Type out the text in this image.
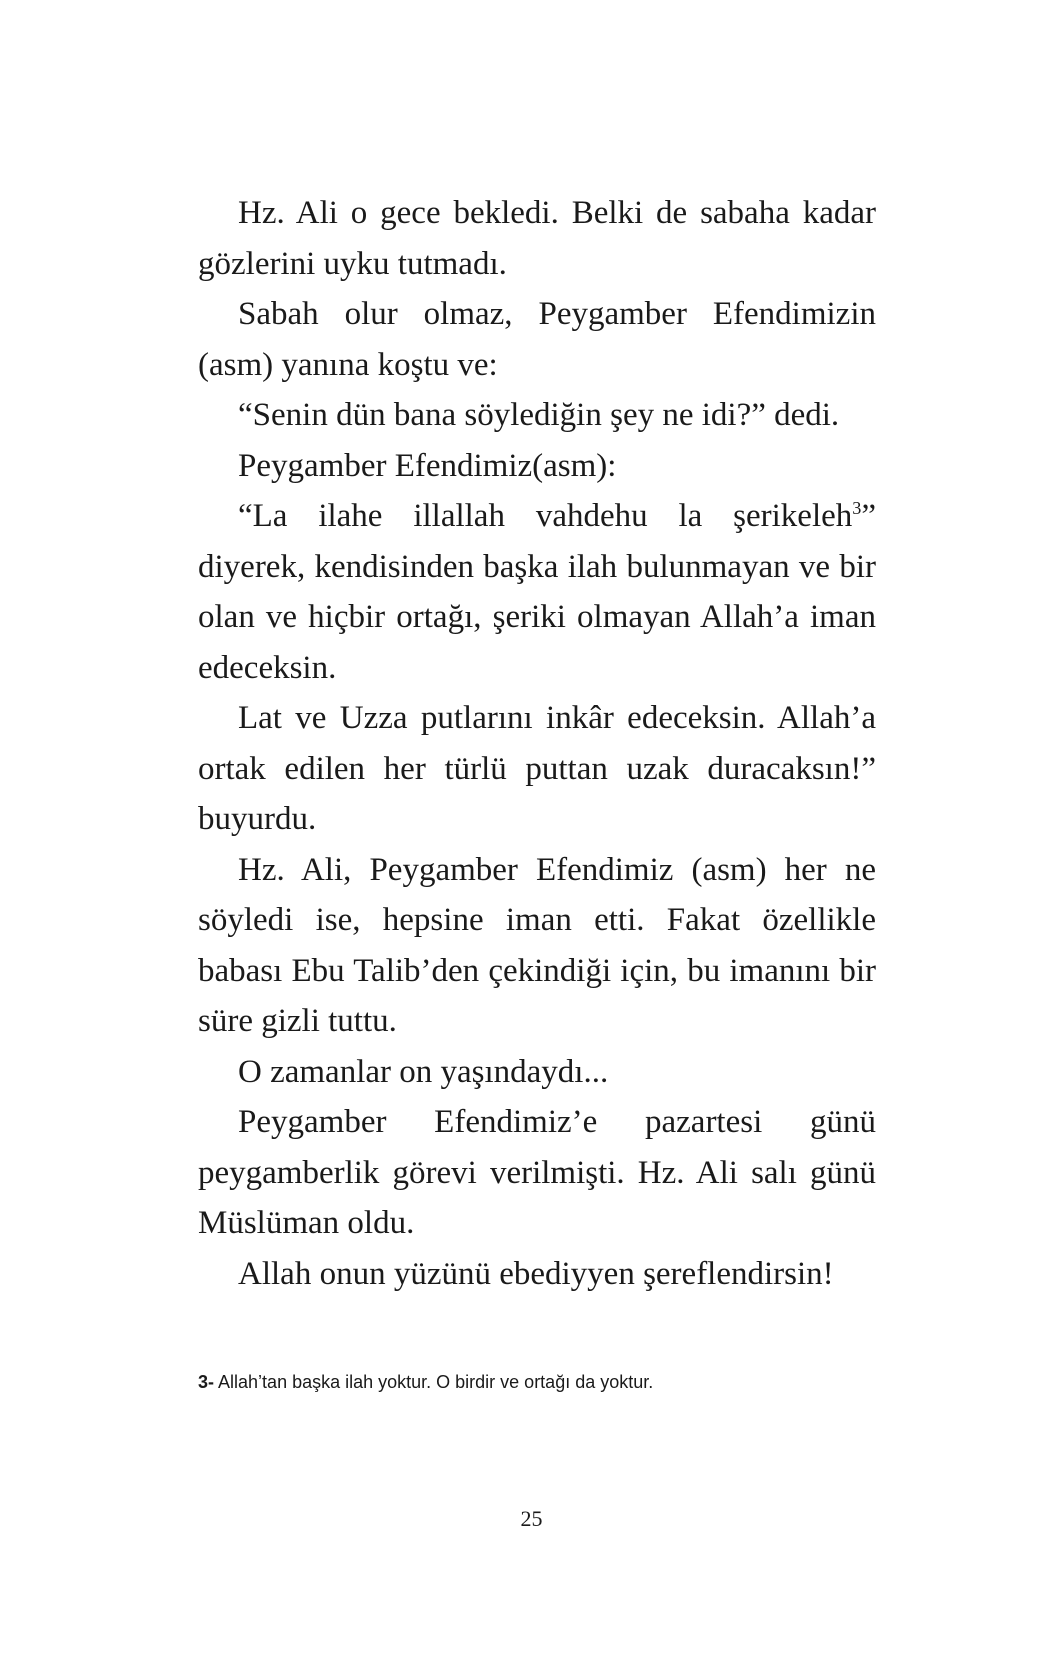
Hz. Ali o gece bekledi. Belki de sabaha kadar gözlerini uyku tutmadı.

Sabah olur olmaz, Peygamber Efendimizin (asm) yanına koştu ve:

“Senin dün bana söylediğin şey ne idi?” dedi.

Peygamber Efendimiz(asm):

“La ilahe illallah vahdehu la şerikeleh$^3$” diyerek, kendisinden başka ilah bulunmayan ve bir olan ve hiçbir ortağı, şeriki olmayan Allah’a iman edeceksin.

Lat ve Uzza putlarını inkâr edeceksin. Allah’a ortak edilen her türlü puttan uzak duracaksın!” buyurdu.

Hz. Ali, Peygamber Efendimiz (asm) her ne söyledi ise, hepsine iman etti. Fakat özellikle babası Ebu Talib’den çekindiği için, bu imanını bir süre gizli tuttu.

O zamanlar on yaşındaydı...

Peygamber Efendimiz’e pazartesi günü peygamberlik görevi verilmişti. Hz. Ali salı günü Müslüman oldu.

Allah onun yüzünü ebediyyen şereflendirsin!

3- Allah’tan başka ilah yoktur. O birdir ve ortağı da yoktur.
25
